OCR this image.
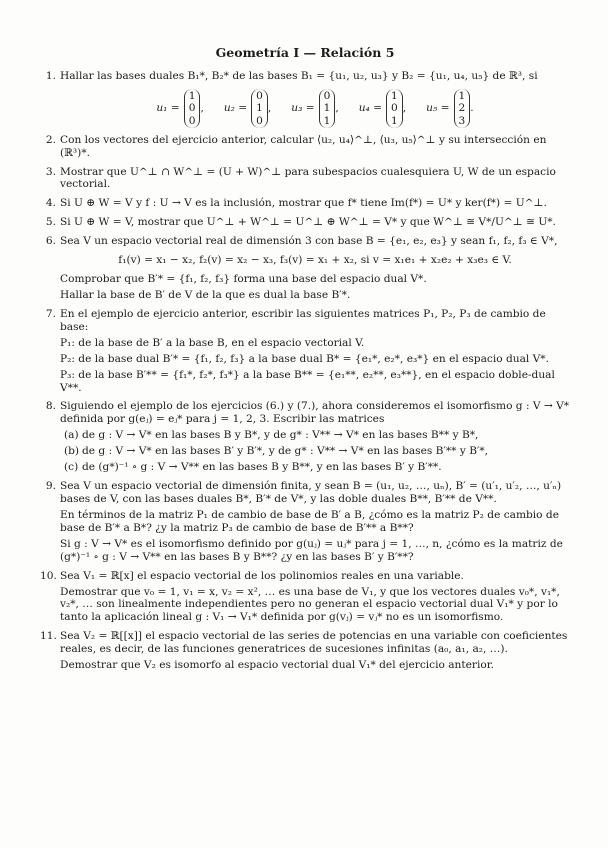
Geometría I — Relación 5
1. Hallar las bases duales B₁*, B₂* de las bases B₁ = {u₁, u₂, u₃} y B₂ = {u₁, u₄, u₅} de ℝ³, si
u₁ =
1
0
0
, u₂ =
0
1
0
, u₃ =
0
1
1
, u₄ =
1
0
1
, u₅ =
1
2
3
.
2. Con los vectores del ejercicio anterior, calcular ⟨u₂, u₄⟩^⊥, ⟨u₃, u₅⟩^⊥ y su intersección en (ℝ³)*.
3. Mostrar que U^⊥ ∩ W^⊥ = (U + W)^⊥ para subespacios cualesquiera U, W de un espacio vectorial.
4. Si U ⊕ W = V y f : U → V es la inclusión, mostrar que f* tiene Im(f*) = U* y ker(f*) = U^⊥.
5. Si U ⊕ W = V, mostrar que U^⊥ + W^⊥ = U^⊥ ⊕ W^⊥ = V* y que W^⊥ ≅ V*/U^⊥ ≅ U*.
6. Sea V un espacio vectorial real de dimensión 3 con base B = {e₁, e₂, e₃} y sean f₁, f₂, f₃ ∈ V*,
f₁(v) = x₁ − x₂, f₂(v) = x₂ − x₃, f₃(v) = x₁ + x₂, si v = x₁e₁ + x₂e₂ + x₃e₃ ∈ V.
Comprobar que B′* = {f₁, f₂, f₃} forma una base del espacio dual V*.
Hallar la base de B′ de V de la que es dual la base B′*.
7. En el ejemplo de ejercicio anterior, escribir las siguientes matrices P₁, P₂, P₃ de cambio de base:
P₁: de la base de B′ a la base B, en el espacio vectorial V.
P₂: de la base dual B′* = {f₁, f₂, f₃} a la base dual B* = {e₁*, e₂*, e₃*} en el espacio dual V*.
P₃: de la base B′** = {f₁*, f₂*, f₃*} a la base B** = {e₁**, e₂**, e₃**}, en el espacio doble-dual V**.
8. Siguiendo el ejemplo de los ejercicios (6.) y (7.), ahora consideremos el isomorfismo g : V → V* definida por g(eⱼ) = eⱼ* para j = 1, 2, 3. Escribir las matrices
(a) de g : V → V* en las bases B y B*, y de g* : V** → V* en las bases B** y B*,
(b) de g : V → V* en las bases B′ y B′*, y de g* : V** → V* en las bases B′** y B′*,
(c) de (g*)⁻¹ ∘ g : V → V** en las bases B y B**, y en las bases B′ y B′**.
9. Sea V un espacio vectorial de dimensión finita, y sean B = (u₁, u₂, …, uₙ), B′ = (u′₁, u′₂, …, u′ₙ) bases de V, con las bases duales B*, B′* de V*, y las doble duales B**, B′** de V**.
En términos de la matriz P₁ de cambio de base de B′ a B, ¿cómo es la matriz P₂ de cambio de base de B′* a B*? ¿y la matriz P₃ de cambio de base de B′** a B**?
Si g : V → V* es el isomorfismo definido por g(uⱼ) = uⱼ* para j = 1, …, n, ¿cómo es la matriz de (g*)⁻¹ ∘ g : V → V** en las bases B y B**? ¿y en las bases B′ y B′**?
10. Sea V₁ = ℝ[x] el espacio vectorial de los polinomios reales en una variable.
Demostrar que v₀ = 1, v₁ = x, v₂ = x², … es una base de V₁, y que los vectores duales v₀*, v₁*, v₂*, … son linealmente independientes pero no generan el espacio vectorial dual V₁* y por lo tanto la aplicación lineal g : V₁ → V₁* definida por g(vⱼ) = vⱼ* no es un isomorfismo.
11. Sea V₂ = ℝ[[x]] el espacio vectorial de las series de potencias en una variable con coeficientes reales, es decir, de las funciones generatrices de sucesiones infinitas (a₀, a₁, a₂, …).
Demostrar que V₂ es isomorfo al espacio vectorial dual V₁* del ejercicio anterior.
